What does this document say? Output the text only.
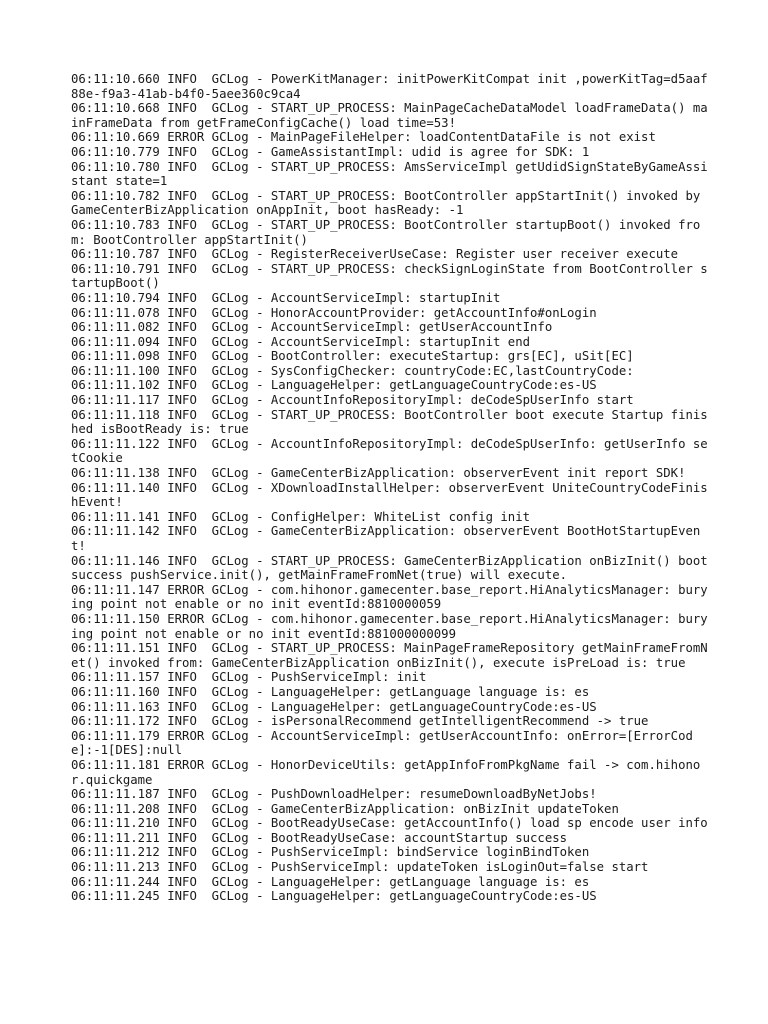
06:11:10.660 INFO  GCLog - PowerKitManager: initPowerKitCompat init ,powerKitTag=d5aaf88e-f9a3-41ab-b4f0-5aee360c9ca4
06:11:10.668 INFO  GCLog - START_UP_PROCESS: MainPageCacheDataModel loadFrameData() mainFrameData from getFrameConfigCache() load time=53!
06:11:10.669 ERROR GCLog - MainPageFileHelper: loadContentDataFile is not exist
06:11:10.779 INFO  GCLog - GameAssistantImpl: udid is agree for SDK: 1
06:11:10.780 INFO  GCLog - START_UP_PROCESS: AmsServiceImpl getUdidSignStateByGameAssistant state=1
06:11:10.782 INFO  GCLog - START_UP_PROCESS: BootController appStartInit() invoked by GameCenterBizApplication onAppInit, boot hasReady: -1
06:11:10.783 INFO  GCLog - START_UP_PROCESS: BootController startupBoot() invoked from: BootController appStartInit()
06:11:10.787 INFO  GCLog - RegisterReceiverUseCase: Register user receiver execute
06:11:10.791 INFO  GCLog - START_UP_PROCESS: checkSignLoginState from BootController startupBoot()
06:11:10.794 INFO  GCLog - AccountServiceImpl: startupInit
06:11:11.078 INFO  GCLog - HonorAccountProvider: getAccountInfo#onLogin
06:11:11.082 INFO  GCLog - AccountServiceImpl: getUserAccountInfo
06:11:11.094 INFO  GCLog - AccountServiceImpl: startupInit end
06:11:11.098 INFO  GCLog - BootController: executeStartup: grs[EC], uSit[EC]
06:11:11.100 INFO  GCLog - SysConfigChecker: countryCode:EC,lastCountryCode:
06:11:11.102 INFO  GCLog - LanguageHelper: getLanguageCountryCode:es-US
06:11:11.117 INFO  GCLog - AccountInfoRepositoryImpl: deCodeSpUserInfo start
06:11:11.118 INFO  GCLog - START_UP_PROCESS: BootController boot execute Startup finished isBootReady is: true
06:11:11.122 INFO  GCLog - AccountInfoRepositoryImpl: deCodeSpUserInfo: getUserInfo setCookie
06:11:11.138 INFO  GCLog - GameCenterBizApplication: observerEvent init report SDK!
06:11:11.140 INFO  GCLog - XDownloadInstallHelper: observerEvent UniteCountryCodeFinishEvent!
06:11:11.141 INFO  GCLog - ConfigHelper: WhiteList config init
06:11:11.142 INFO  GCLog - GameCenterBizApplication: observerEvent BootHotStartupEvent!
06:11:11.146 INFO  GCLog - START_UP_PROCESS: GameCenterBizApplication onBizInit() boot success pushService.init(), getMainFrameFromNet(true) will execute.
06:11:11.147 ERROR GCLog - com.hihonor.gamecenter.base_report.HiAnalyticsManager: burying point not enable or no init eventId:8810000059
06:11:11.150 ERROR GCLog - com.hihonor.gamecenter.base_report.HiAnalyticsManager: burying point not enable or no init eventId:881000000099
06:11:11.151 INFO  GCLog - START_UP_PROCESS: MainPageFrameRepository getMainFrameFromNet() invoked from: GameCenterBizApplication onBizInit(), execute isPreLoad is: true
06:11:11.157 INFO  GCLog - PushServiceImpl: init
06:11:11.160 INFO  GCLog - LanguageHelper: getLanguage language is: es
06:11:11.163 INFO  GCLog - LanguageHelper: getLanguageCountryCode:es-US
06:11:11.172 INFO  GCLog - isPersonalRecommend getIntelligentRecommend -> true
06:11:11.179 ERROR GCLog - AccountServiceImpl: getUserAccountInfo: onError=[ErrorCode]:-1[DES]:null
06:11:11.181 ERROR GCLog - HonorDeviceUtils: getAppInfoFromPkgName fail -> com.hihonor.quickgame
06:11:11.187 INFO  GCLog - PushDownloadHelper: resumeDownloadByNetJobs!
06:11:11.208 INFO  GCLog - GameCenterBizApplication: onBizInit updateToken
06:11:11.210 INFO  GCLog - BootReadyUseCase: getAccountInfo() load sp encode user info
06:11:11.211 INFO  GCLog - BootReadyUseCase: accountStartup success
06:11:11.212 INFO  GCLog - PushServiceImpl: bindService loginBindToken
06:11:11.213 INFO  GCLog - PushServiceImpl: updateToken isLoginOut=false start
06:11:11.244 INFO  GCLog - LanguageHelper: getLanguage language is: es
06:11:11.245 INFO  GCLog - LanguageHelper: getLanguageCountryCode:es-US
